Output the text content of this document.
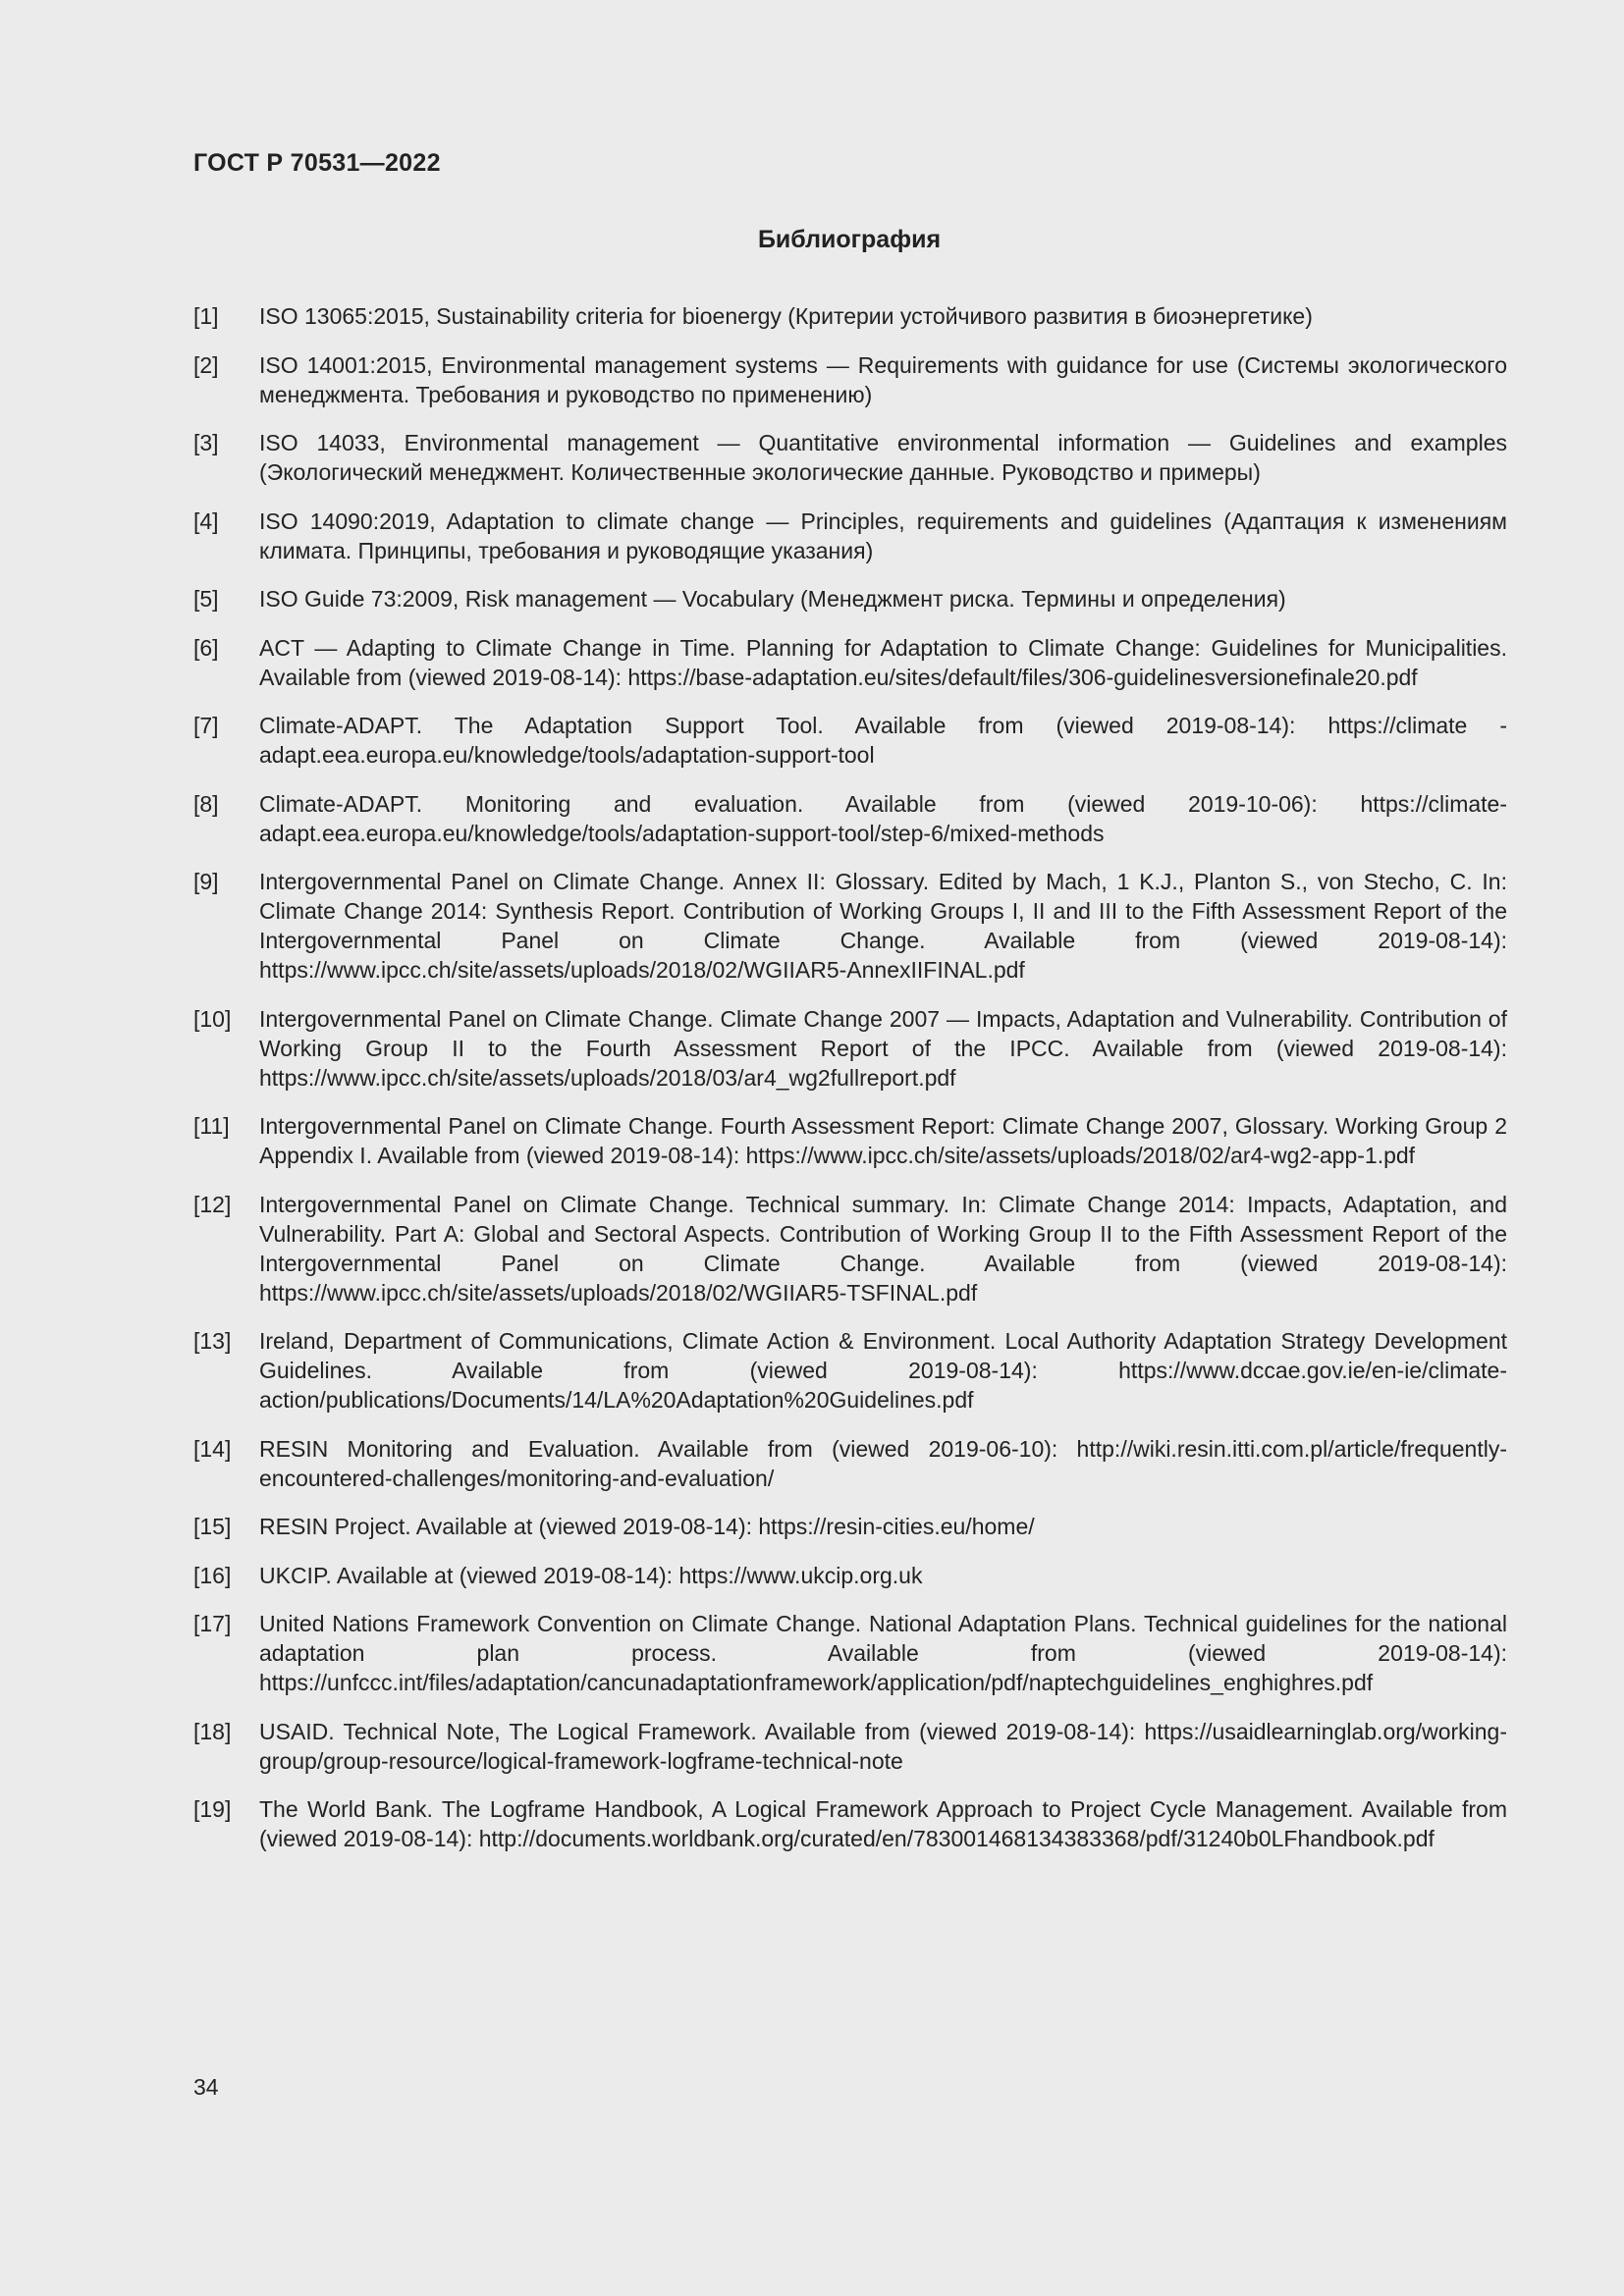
ГОСТ Р 70531—2022
Библиография
[1]	ISO 13065:2015, Sustainability criteria for bioenergy (Критерии устойчивого развития в биоэнергетике)
[2]	ISO 14001:2015, Environmental management systems — Requirements with guidance for use (Системы экологического менеджмента. Требования и руководство по применению)
[3]	ISO 14033, Environmental management — Quantitative environmental information — Guidelines and examples (Экологический менеджмент. Количественные экологические данные. Руководство и примеры)
[4]	ISO 14090:2019, Adaptation to climate change — Principles, requirements and guidelines (Адаптация к изменениям климата. Принципы, требования и руководящие указания)
[5]	ISO Guide 73:2009, Risk management — Vocabulary (Менеджмент риска. Термины и определения)
[6]	ACT — Adapting to Climate Change in Time. Planning for Adaptation to Climate Change: Guidelines for Municipalities. Available from (viewed 2019-08-14): https://base-adaptation.eu/sites/default/files/306-guidelinesversionefinale20.pdf
[7]	Climate-ADAPT. The Adaptation Support Tool. Available from (viewed 2019-08-14): https://climate -adapt.eea.europa.eu/knowledge/tools/adaptation-support-tool
[8]	Climate-ADAPT. Monitoring and evaluation. Available from (viewed 2019-10-06): https://climate-adapt.eea.europa.eu/knowledge/tools/adaptation-support-tool/step-6/mixed-methods
[9]	Intergovernmental Panel on Climate Change. Annex II: Glossary. Edited by Mach, 1 K.J., Planton S., von Stecho, C. In: Climate Change 2014: Synthesis Report. Contribution of Working Groups I, II and III to the Fifth Assessment Report of the Intergovernmental Panel on Climate Change. Available from (viewed 2019-08-14): https://www.ipcc.ch/site/assets/uploads/2018/02/WGIIAR5-AnnexIIFINAL.pdf
[10]	Intergovernmental Panel on Climate Change. Climate Change 2007 — Impacts, Adaptation and Vulnerability. Contribution of Working Group II to the Fourth Assessment Report of the IPCC. Available from (viewed 2019-08-14): https://www.ipcc.ch/site/assets/uploads/2018/03/ar4_wg2fullreport.pdf
[11]	Intergovernmental Panel on Climate Change. Fourth Assessment Report: Climate Change 2007, Glossary. Working Group 2 Appendix I. Available from (viewed 2019-08-14): https://www.ipcc.ch/site/assets/uploads/2018/02/ar4-wg2-app-1.pdf
[12]	Intergovernmental Panel on Climate Change. Technical summary. In: Climate Change 2014: Impacts, Adaptation, and Vulnerability. Part A: Global and Sectoral Aspects. Contribution of Working Group II to the Fifth Assessment Report of the Intergovernmental Panel on Climate Change. Available from (viewed 2019-08-14): https://www.ipcc.ch/site/assets/uploads/2018/02/WGIIAR5-TSFINAL.pdf
[13]	Ireland, Department of Communications, Climate Action & Environment. Local Authority Adaptation Strategy Development Guidelines. Available from (viewed 2019-08-14): https://www.dccae.gov.ie/en-ie/climate-action/publications/Documents/14/LA%20Adaptation%20Guidelines.pdf
[14]	RESIN Monitoring and Evaluation. Available from (viewed 2019-06-10): http://wiki.resin.itti.com.pl/article/frequently-encountered-challenges/monitoring-and-evaluation/
[15]	RESIN Project. Available at (viewed 2019-08-14): https://resin-cities.eu/home/
[16]	UKCIP. Available at (viewed 2019-08-14): https://www.ukcip.org.uk
[17]	United Nations Framework Convention on Climate Change. National Adaptation Plans. Technical guidelines for the national adaptation plan process. Available from (viewed 2019-08-14): https://unfccc.int/files/adaptation/cancunadaptationframework/application/pdf/naptechguidelines_enghighres.pdf
[18]	USAID. Technical Note, The Logical Framework. Available from (viewed 2019-08-14): https://usaidlearninglab.org/working-group/group-resource/logical-framework-logframe-technical-note
[19]	The World Bank. The Logframe Handbook, A Logical Framework Approach to Project Cycle Management. Available from (viewed 2019-08-14): http://documents.worldbank.org/curated/en/783001468134383368/pdf/31240b0LFhandbook.pdf
34
